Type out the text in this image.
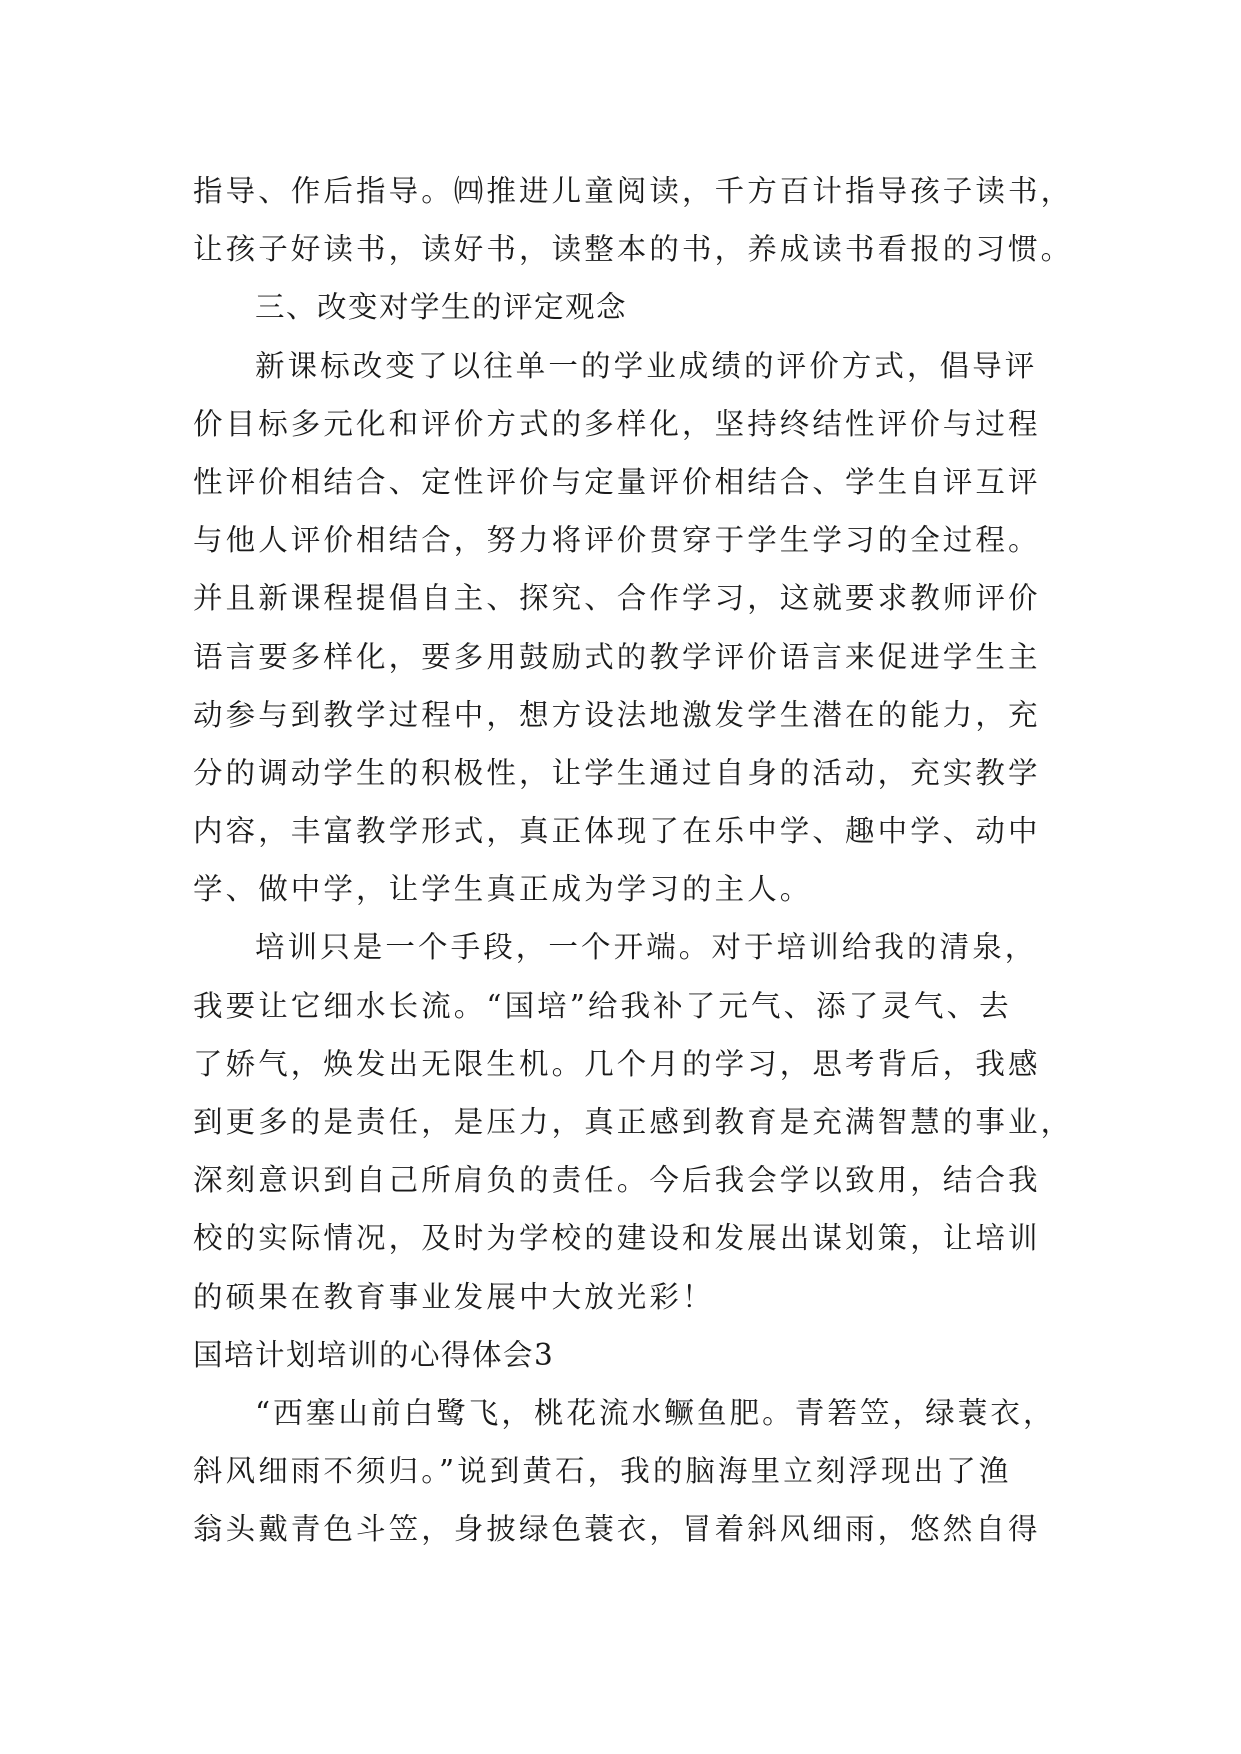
指导、作后指导。㈣推进儿童阅读，千方百计指导孩子读书，
让孩子好读书，读好书，读整本的书，养成读书看报的习惯。
三、改变对学生的评定观念
新课标改变了以往单一的学业成绩的评价方式，倡导评
价目标多元化和评价方式的多样化，坚持终结性评价与过程
性评价相结合、定性评价与定量评价相结合、学生自评互评
与他人评价相结合，努力将评价贯穿于学生学习的全过程。
并且新课程提倡自主、探究、合作学习，这就要求教师评价
语言要多样化，要多用鼓励式的教学评价语言来促进学生主
动参与到教学过程中，想方设法地激发学生潜在的能力，充
分的调动学生的积极性，让学生通过自身的活动，充实教学
内容，丰富教学形式，真正体现了在乐中学、趣中学、动中
学、做中学，让学生真正成为学习的主人。
培训只是一个手段，一个开端。对于培训给我的清泉，
我要让它细水长流。“国培”给我补了元气、添了灵气、去
了娇气，焕发出无限生机。几个月的学习，思考背后，我感
到更多的是责任，是压力，真正感到教育是充满智慧的事业，
深刻意识到自己所肩负的责任。今后我会学以致用，结合我
校的实际情况，及时为学校的建设和发展出谋划策，让培训
的硕果在教育事业发展中大放光彩！
国培计划培训的心得体会3
“西塞山前白鹭飞，桃花流水鳜鱼肥。青箬笠，绿蓑衣，
斜风细雨不须归。”说到黄石，我的脑海里立刻浮现出了渔
翁头戴青色斗笠，身披绿色蓑衣，冒着斜风细雨，悠然自得
